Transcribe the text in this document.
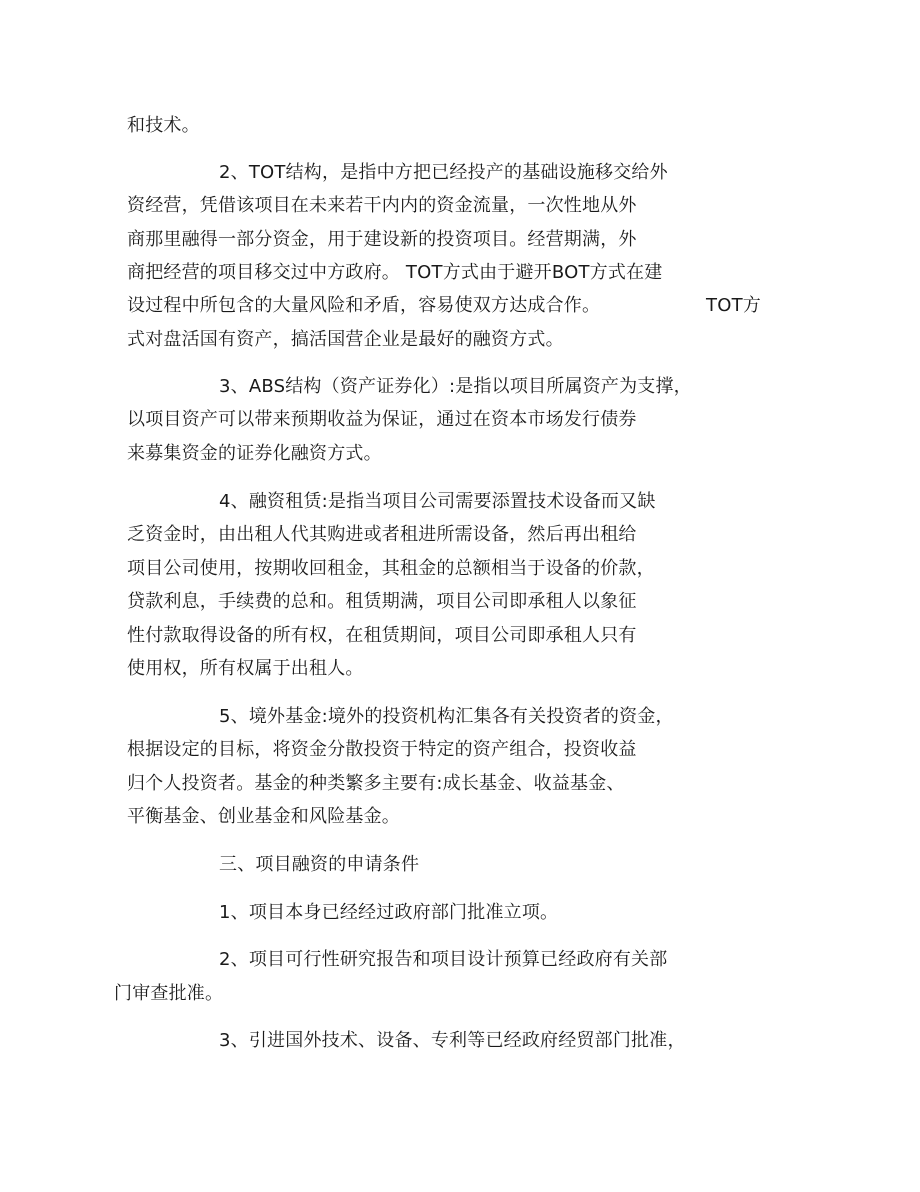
和技术。
2、TOT结构，是指中方把已经投产的基础设施移交给外
资经营，凭借该项目在未来若干内内的资金流量，一次性地从外
商那里融得一部分资金，用于建设新的投资项目。经营期满，外
商把经营的项目移交过中方政府。 TOT方式由于避开BOT方式在建
设过程中所包含的大量风险和矛盾，容易使双方达成合作。	TOT方
式对盘活国有资产，搞活国营企业是最好的融资方式。
3、ABS结构（资产证券化）:是指以项目所属资产为支撑，
以项目资产可以带来预期收益为保证，通过在资本市场发行债券
来募集资金的证券化融资方式。
4、融资租赁:是指当项目公司需要添置技术设备而又缺
乏资金时，由出租人代其购进或者租进所需设备，然后再出租给
项目公司使用，按期收回租金，其租金的总额相当于设备的价款，
贷款利息，手续费的总和。租赁期满，项目公司即承租人以象征
性付款取得设备的所有权，在租赁期间，项目公司即承租人只有
使用权，所有权属于出租人。
5、境外基金:境外的投资机构汇集各有关投资者的资金，
根据设定的目标，将资金分散投资于特定的资产组合，投资收益
归个人投资者。基金的种类繁多主要有:成长基金、收益基金、
平衡基金、创业基金和风险基金。
三、项目融资的申请条件
1、项目本身已经经过政府部门批准立项。
2、项目可行性研究报告和项目设计预算已经政府有关部
门审查批准。
3、引进国外技术、设备、专利等已经政府经贸部门批准，
